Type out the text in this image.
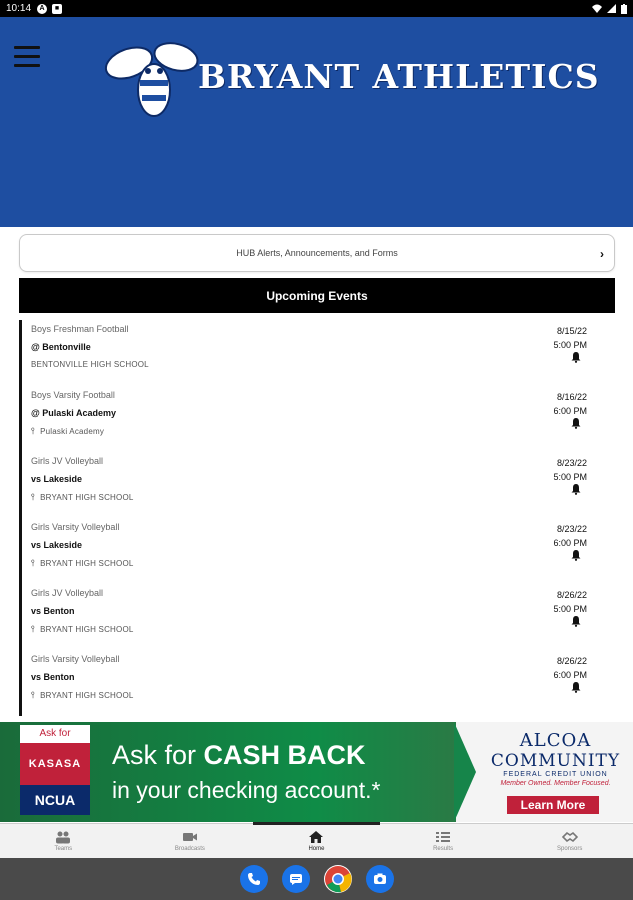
10:14	A	■
BRYANT ATHLETICS
HUB Alerts, Announcements, and Forms	›
Upcoming Events
Boys Freshman Football
@ Bentonville
BENTONVILLE HIGH SCHOOL
8/15/22
5:00 PM
Boys Varsity Football
@ Pulaski Academy
⫯ Pulaski Academy
8/16/22
6:00 PM
Girls JV Volleyball
vs Lakeside
⫯ BRYANT HIGH SCHOOL
8/23/22
5:00 PM
Girls Varsity Volleyball
vs Lakeside
⫯ BRYANT HIGH SCHOOL
8/23/22
6:00 PM
Girls JV Volleyball
vs Benton
⫯ BRYANT HIGH SCHOOL
8/26/22
5:00 PM
Girls Varsity Volleyball
vs Benton
⫯ BRYANT HIGH SCHOOL
8/26/22
6:00 PM
Ask for
KASASA
NCUA
Ask for CASH BACK
in your checking account.*
ALCOA
COMMUNITY
FEDERAL CREDIT UNION
Member Owned. Member Focused.
Learn More
Teams	Broadcasts	Home	Results	Sponsors
